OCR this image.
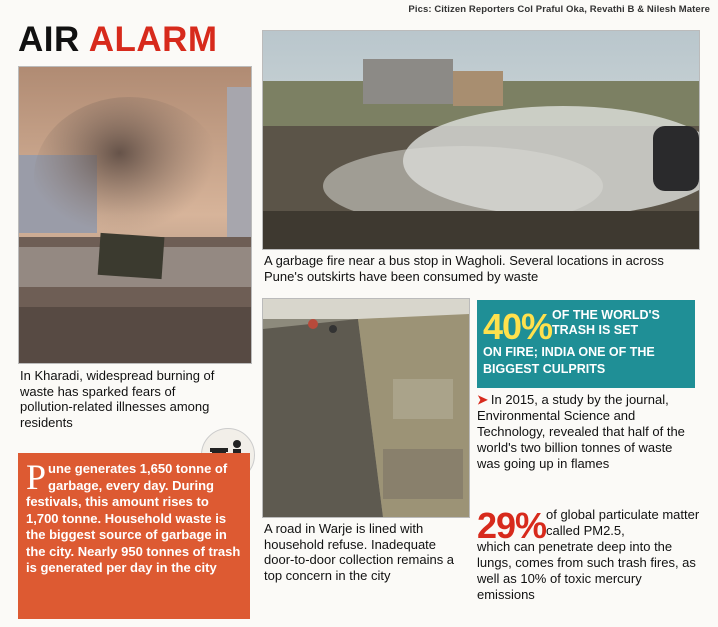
Pics: Citizen Reporters Col Praful Oka, Revathi B & Nilesh Matere
AIR ALARM
In Kharadi, widespread burning of waste has sparked fears of pollution-related illnesses among residents
P une generates 1,650 tonne of garbage, every day. During festivals, this amount rises to 1,700 tonne. Household waste is the biggest source of garbage in the city. Nearly 950 tonnes of trash is generated per day in the city
A garbage fire near a bus stop in Wagholi. Several locations in across Pune's outskirts have been consumed by waste
A road in Warje is lined with household refuse. Inadequate door-to-door collection remains a top concern in the city
40% OF THE WORLD'S TRASH IS SET
ON FIRE; INDIA ONE OF THE BIGGEST CULPRITS
➤ In 2015, a study by the journal, Environmental Science and Technology, revealed that half of the world's two billion tonnes of waste was going up in flames
29% of global particulate matter called PM2.5,
which can penetrate deep into the lungs, comes from such trash fires, as well as 10% of toxic mercury emissions
